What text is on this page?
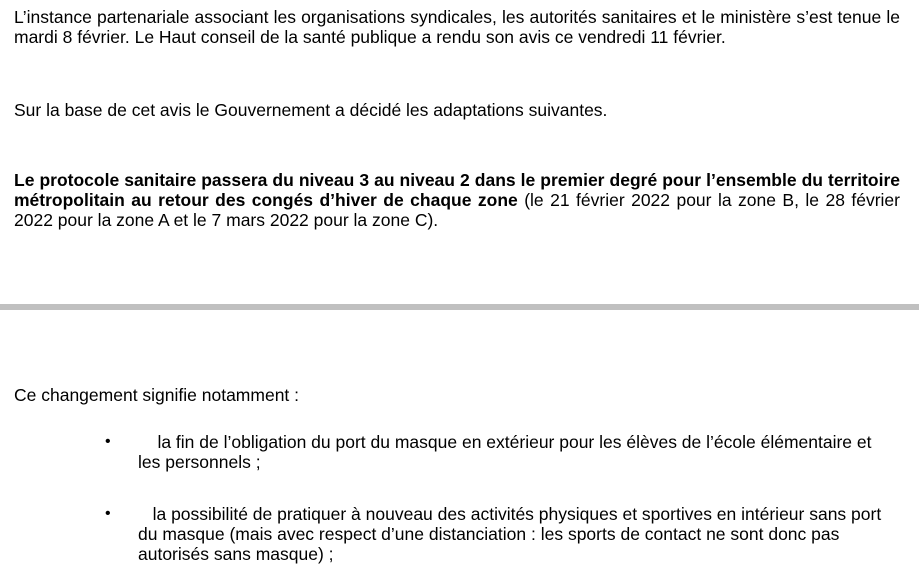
L’instance partenariale associant les organisations syndicales, les autorités sanitaires et le ministère s’est tenue le mardi 8 février. Le Haut conseil de la santé publique a rendu son avis ce vendredi 11 février.

Sur la base de cet avis le Gouvernement a décidé les adaptations suivantes.

Le protocole sanitaire passera du niveau 3 au niveau 2 dans le premier degré pour l’ensemble du territoire métropolitain au retour des congés d’hiver de chaque zone (le 21 février 2022 pour la zone B, le 28 février 2022 pour la zone A et le 7 mars 2022 pour la zone C).

Ce changement signifie notamment :

•	la fin de l’obligation du port du masque en extérieur pour les élèves de l’école élémentaire et les personnels ;
•	la possibilité de pratiquer à nouveau des activités physiques et sportives en intérieur sans port du masque (mais avec respect d’une distanciation : les sports de contact ne sont donc pas autorisés sans masque) ;
